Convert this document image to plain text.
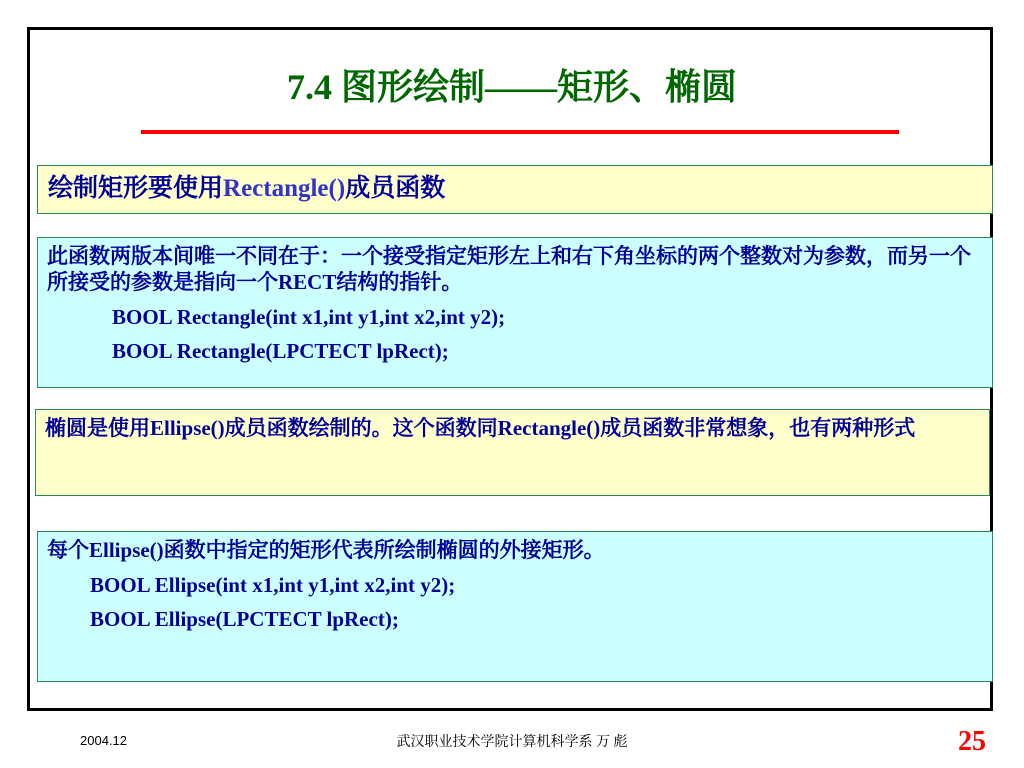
7.4 图形绘制——矩形、椭圆
绘制矩形要使用Rectangle()成员函数
此函数两版本间唯一不同在于：一个接受指定矩形左上和右下角坐标的两个整数对为参数，而另一个所接受的参数是指向一个RECT结构的指针。
BOOL Rectangle(int x1,int y1,int x2,int y2);
BOOL Rectangle(LPCTECT lpRect);
椭圆是使用Ellipse()成员函数绘制的。这个函数同Rectangle()成员函数非常想象，也有两种形式
每个Ellipse()函数中指定的矩形代表所绘制椭圆的外接矩形。
BOOL Ellipse(int x1,int y1,int x2,int y2);
BOOL Ellipse(LPCTECT lpRect);
2004.12	武汉职业技术学院计算机科学系 万 彪	25
